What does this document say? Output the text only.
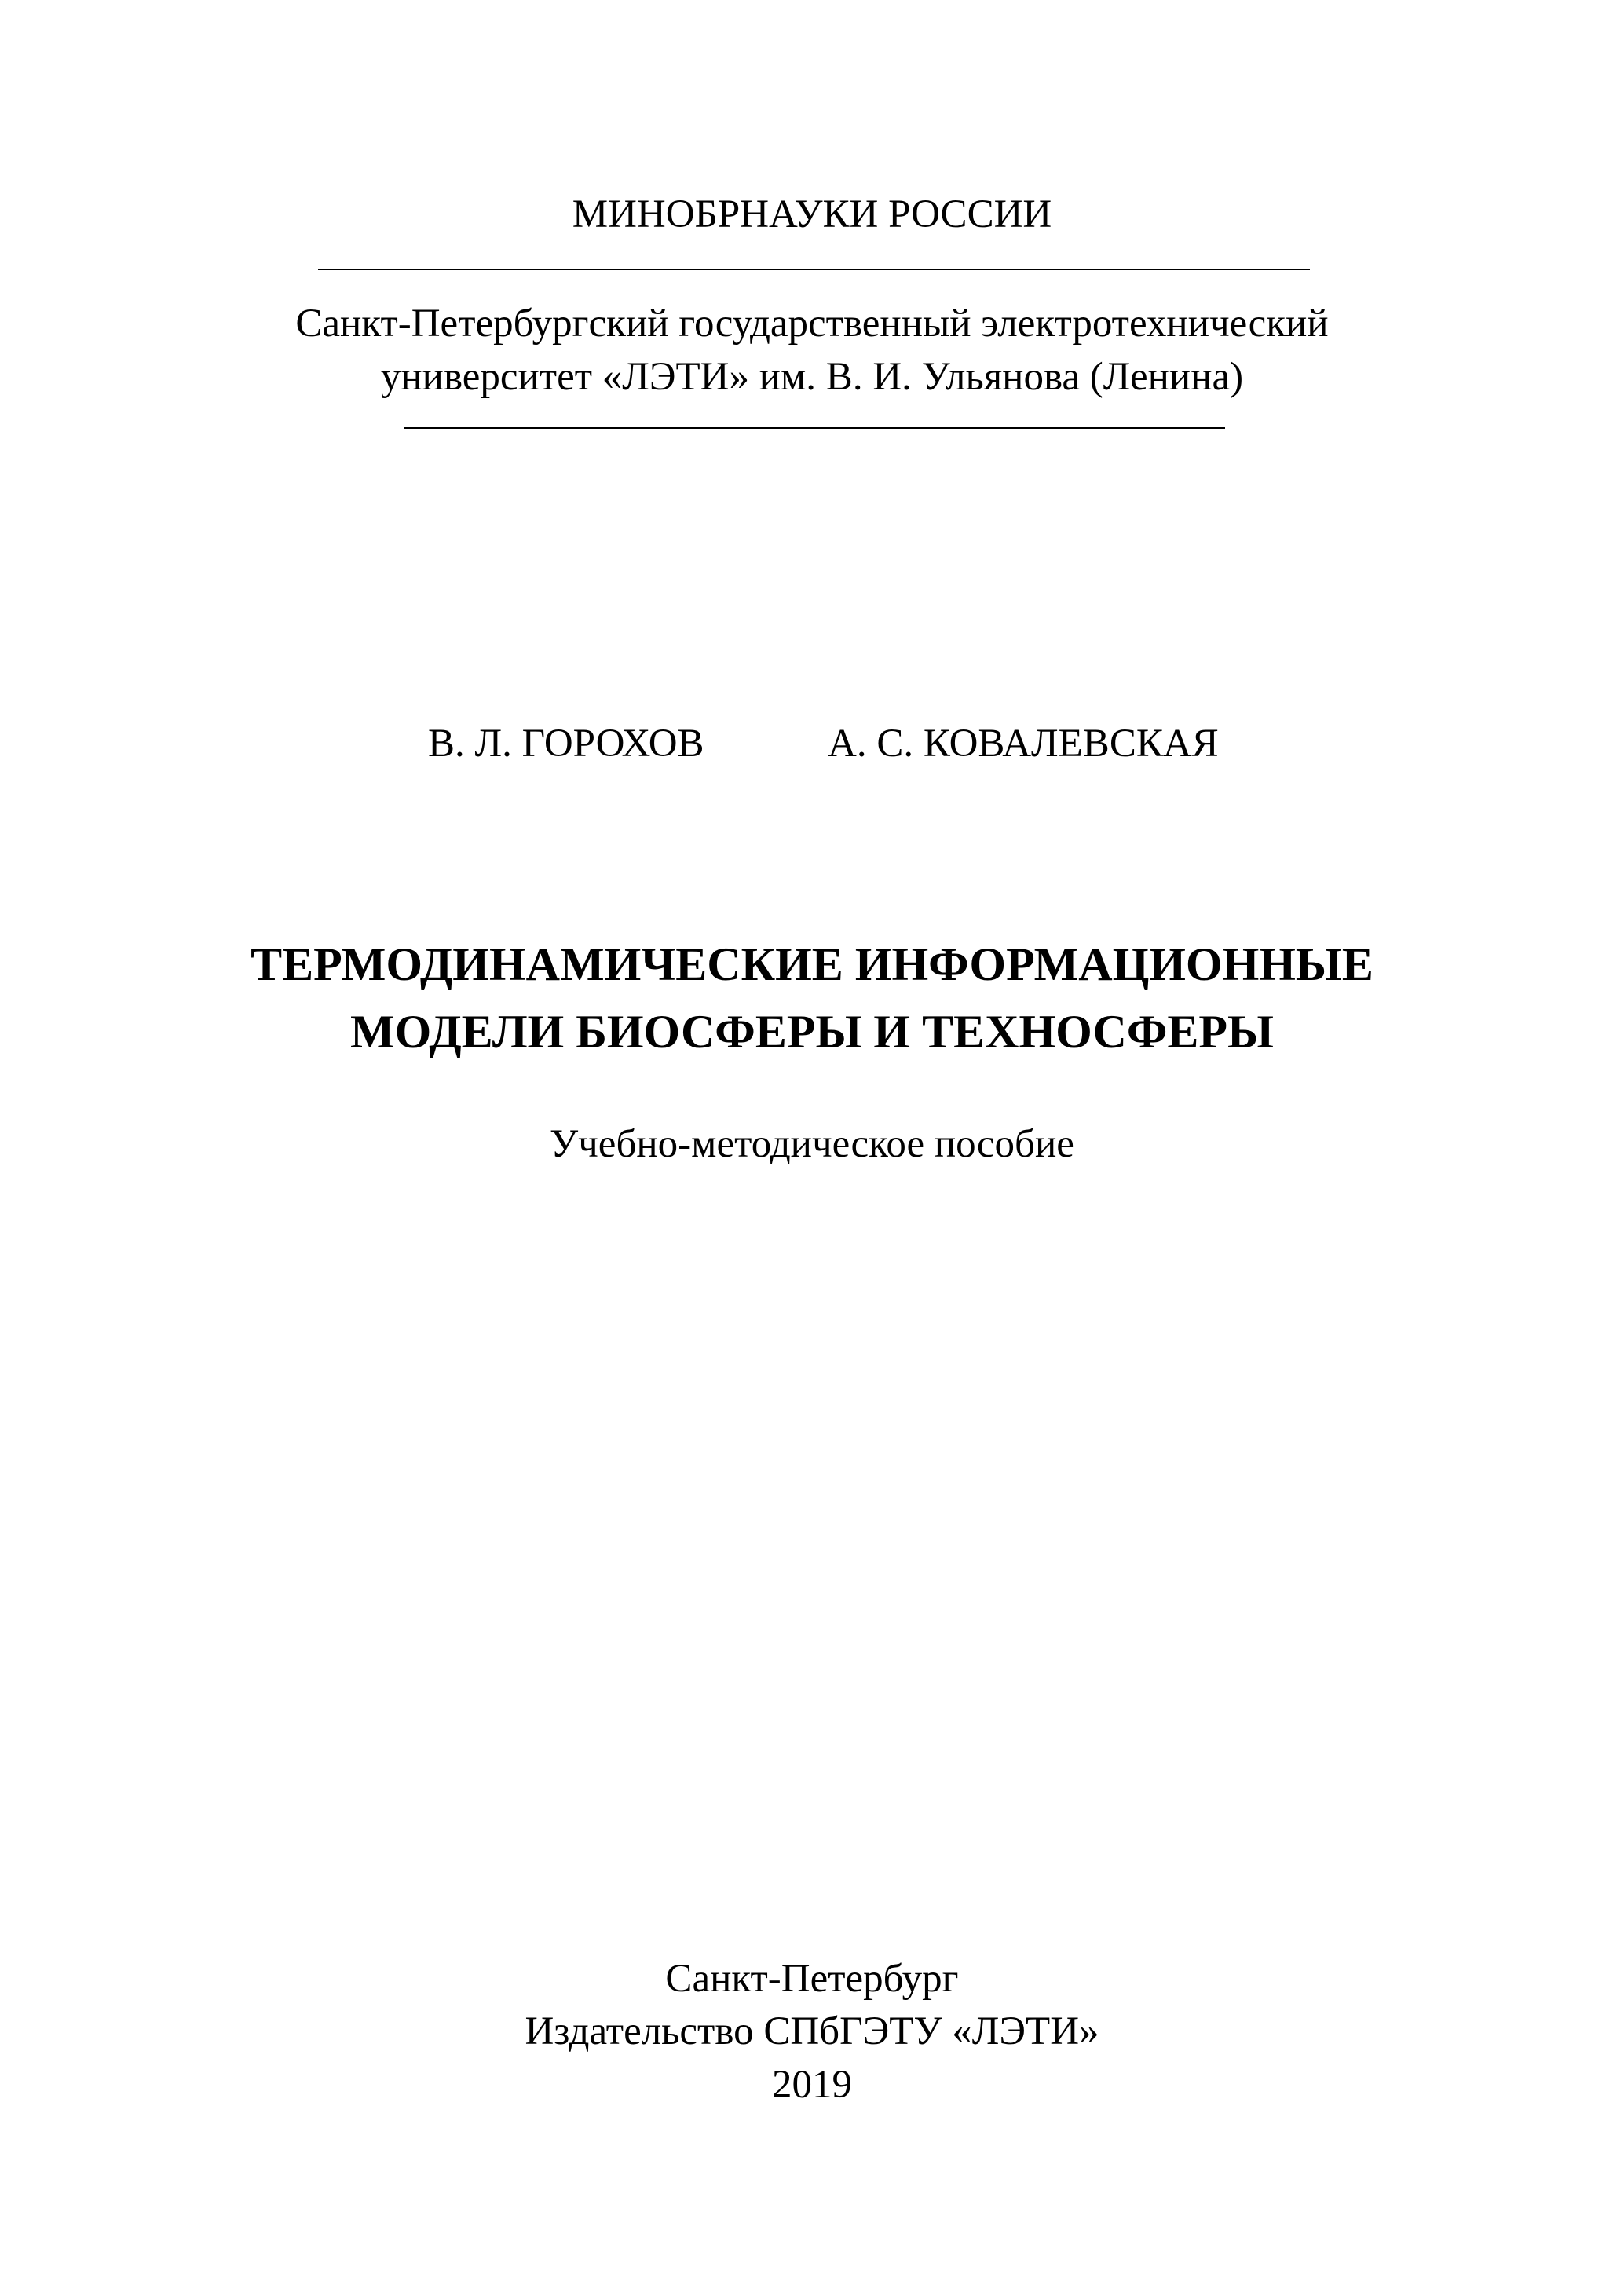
МИНОБРНАУКИ РОССИИ
Санкт-Петербургский государственный электротехнический
университет «ЛЭТИ» им. В. И. Ульянова (Ленина)
В. Л. ГОРОХОВ	А. С. КОВАЛЕВСКАЯ
ТЕРМОДИНАМИЧЕСКИЕ ИНФОРМАЦИОННЫЕ
МОДЕЛИ БИОСФЕРЫ И ТЕХНОСФЕРЫ
Учебно-методическое пособие
Санкт-Петербург
Издательство СПбГЭТУ «ЛЭТИ»
2019
